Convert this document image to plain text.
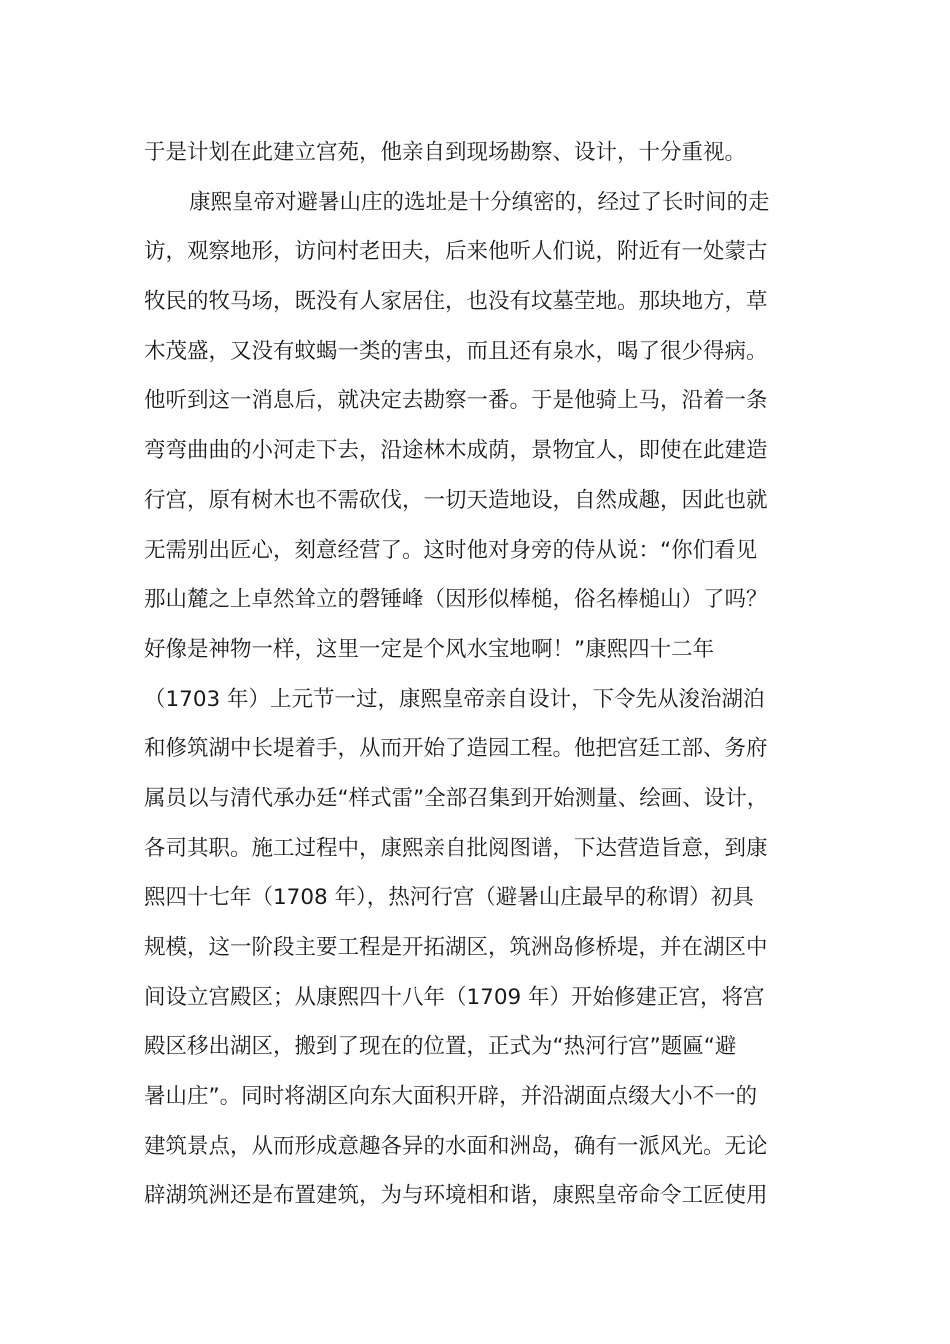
于是计划在此建立宫苑，他亲自到现场勘察、设计，十分重视。
康熙皇帝对避暑山庄的选址是十分缜密的，经过了长时间的走
访，观察地形，访问村老田夫，后来他听人们说，附近有一处蒙古
牧民的牧马场，既没有人家居住，也没有坟墓茔地。那块地方，草
木茂盛，又没有蚊蝎一类的害虫，而且还有泉水，喝了很少得病。
他听到这一消息后，就决定去勘察一番。于是他骑上马，沿着一条
弯弯曲曲的小河走下去，沿途林木成荫，景物宜人，即使在此建造
行宫，原有树木也不需砍伐，一切天造地设，自然成趣，因此也就
无需别出匠心，刻意经营了。这时他对身旁的侍从说：“你们看见
那山麓之上卓然耸立的磬锤峰（因形似棒槌，俗名棒槌山）了吗？
好像是神物一样，这里一定是个风水宝地啊！”康熙四十二年
（1703 年）上元节一过，康熙皇帝亲自设计，下令先从浚治湖泊
和修筑湖中长堤着手，从而开始了造园工程。他把宫廷工部、务府
属员以与清代承办廷“样式雷”全部召集到开始测量、绘画、设计，
各司其职。施工过程中，康熙亲自批阅图谱，下达营造旨意，到康
熙四十七年（1708 年），热河行宫（避暑山庄最早的称谓）初具
规模，这一阶段主要工程是开拓湖区，筑洲岛修桥堤，并在湖区中
间设立宫殿区；从康熙四十八年（1709 年）开始修建正宫，将宫
殿区移出湖区，搬到了现在的位置，正式为“热河行宫”题匾“避
暑山庄”。同时将湖区向东大面积开辟，并沿湖面点缀大小不一的
建筑景点，从而形成意趣各异的水面和洲岛，确有一派风光。无论
辟湖筑洲还是布置建筑，为与环境相和谐，康熙皇帝命令工匠使用
